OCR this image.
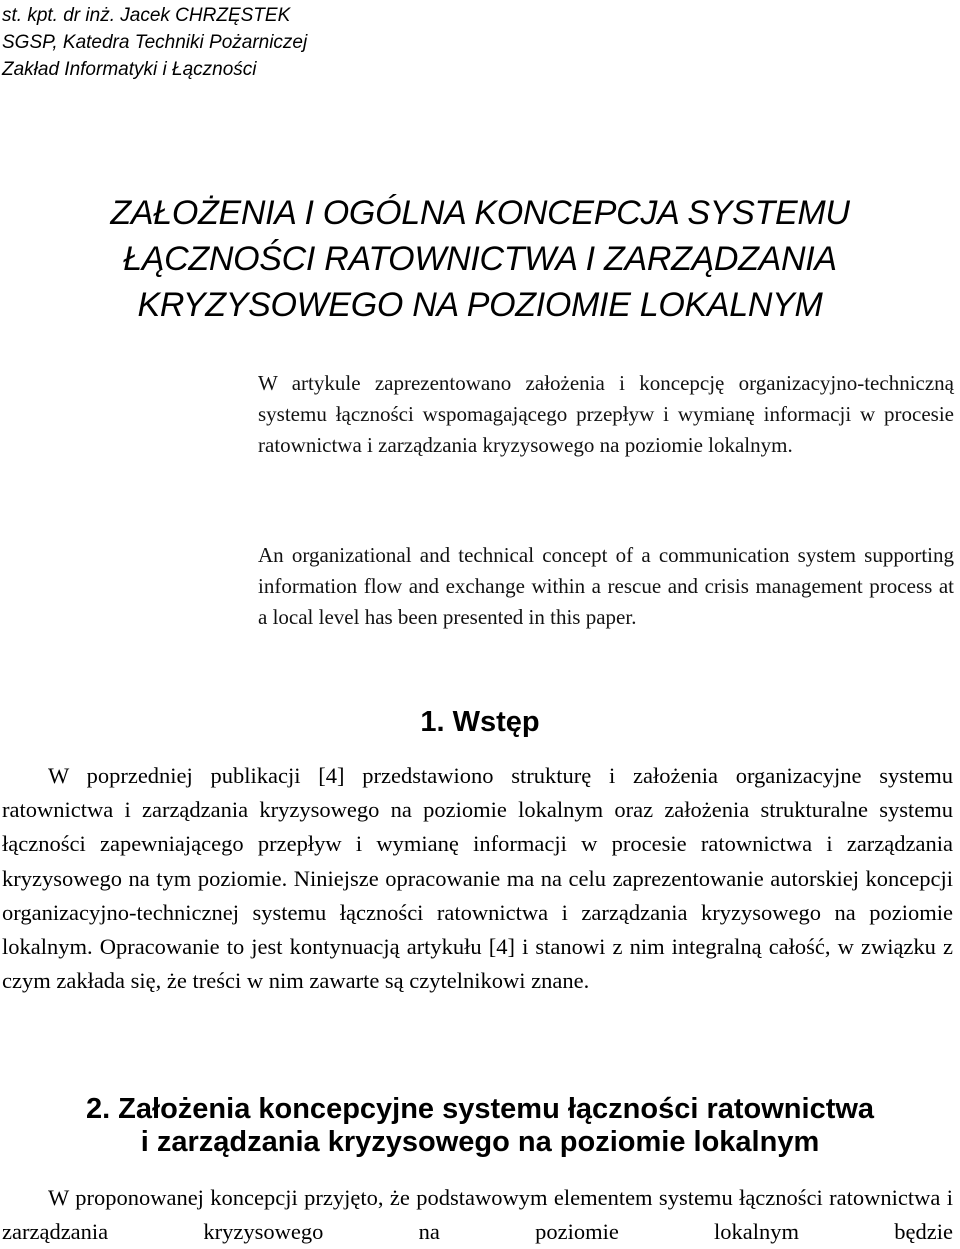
st. kpt. dr inż. Jacek CHRZĘSTEK
SGSP, Katedra Techniki Pożarniczej
Zakład Informatyki i Łączności
ZAŁOŻENIA I OGÓLNA KONCEPCJA SYSTEMU
ŁĄCZNOŚCI RATOWNICTWA I ZARZĄDZANIA
KRYZYSOWEGO NA POZIOMIE LOKALNYM
W artykule zaprezentowano założenia i koncepcję organizacyjno-techniczną systemu łączności wspomagającego przepływ i wymianę informacji w procesie ratownictwa i zarządzania kryzysowego na poziomie lokalnym.
An organizational and technical concept of a communication system supporting information flow and exchange within a rescue and crisis management process at a local level has been presented in this paper.
1. Wstęp
W poprzedniej publikacji [4] przedstawiono strukturę i założenia organizacyjne systemu ratownictwa i zarządzania kryzysowego na poziomie lokalnym oraz założenia strukturalne systemu łączności zapewniającego przepływ i wymianę informacji w procesie ratownictwa i zarządzania kryzysowego na tym poziomie. Niniejsze opracowanie ma na celu zaprezentowanie autorskiej koncepcji organizacyjno-technicznej systemu łączności ratownictwa i zarządzania kryzysowego na poziomie lokalnym. Opracowanie to jest kontynuacją artykułu [4] i stanowi z nim integralną całość, w związku z czym zakłada się, że treści w nim zawarte są czytelnikowi znane.
2. Założenia koncepcyjne systemu łączności ratownictwa
i zarządzania kryzysowego na poziomie lokalnym
W proponowanej koncepcji przyjęto, że podstawowym elementem systemu łączności ratownictwa i zarządzania kryzysowego na poziomie lokalnym będzie
